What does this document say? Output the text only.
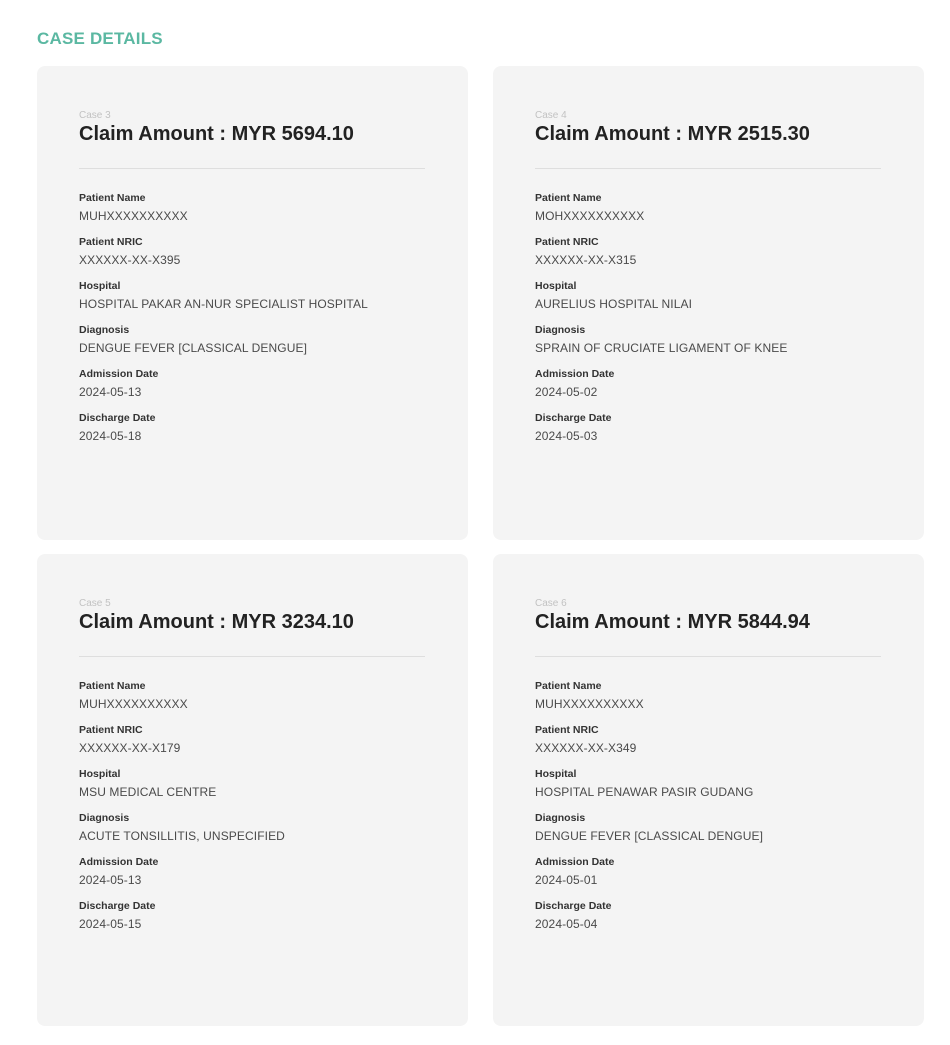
CASE DETAILS
Case 3
Claim Amount : MYR 5694.10
Patient Name
MUHXXXXXXXXXX
Patient NRIC
XXXXXX-XX-X395
Hospital
HOSPITAL PAKAR AN-NUR SPECIALIST HOSPITAL
Diagnosis
DENGUE FEVER [CLASSICAL DENGUE]
Admission Date
2024-05-13
Discharge Date
2024-05-18
Case 4
Claim Amount : MYR 2515.30
Patient Name
MOHXXXXXXXXXX
Patient NRIC
XXXXXX-XX-X315
Hospital
AURELIUS HOSPITAL NILAI
Diagnosis
SPRAIN OF CRUCIATE LIGAMENT OF KNEE
Admission Date
2024-05-02
Discharge Date
2024-05-03
Case 5
Claim Amount : MYR 3234.10
Patient Name
MUHXXXXXXXXXX
Patient NRIC
XXXXXX-XX-X179
Hospital
MSU MEDICAL CENTRE
Diagnosis
ACUTE TONSILLITIS, UNSPECIFIED
Admission Date
2024-05-13
Discharge Date
2024-05-15
Case 6
Claim Amount : MYR 5844.94
Patient Name
MUHXXXXXXXXXX
Patient NRIC
XXXXXX-XX-X349
Hospital
HOSPITAL PENAWAR PASIR GUDANG
Diagnosis
DENGUE FEVER [CLASSICAL DENGUE]
Admission Date
2024-05-01
Discharge Date
2024-05-04
